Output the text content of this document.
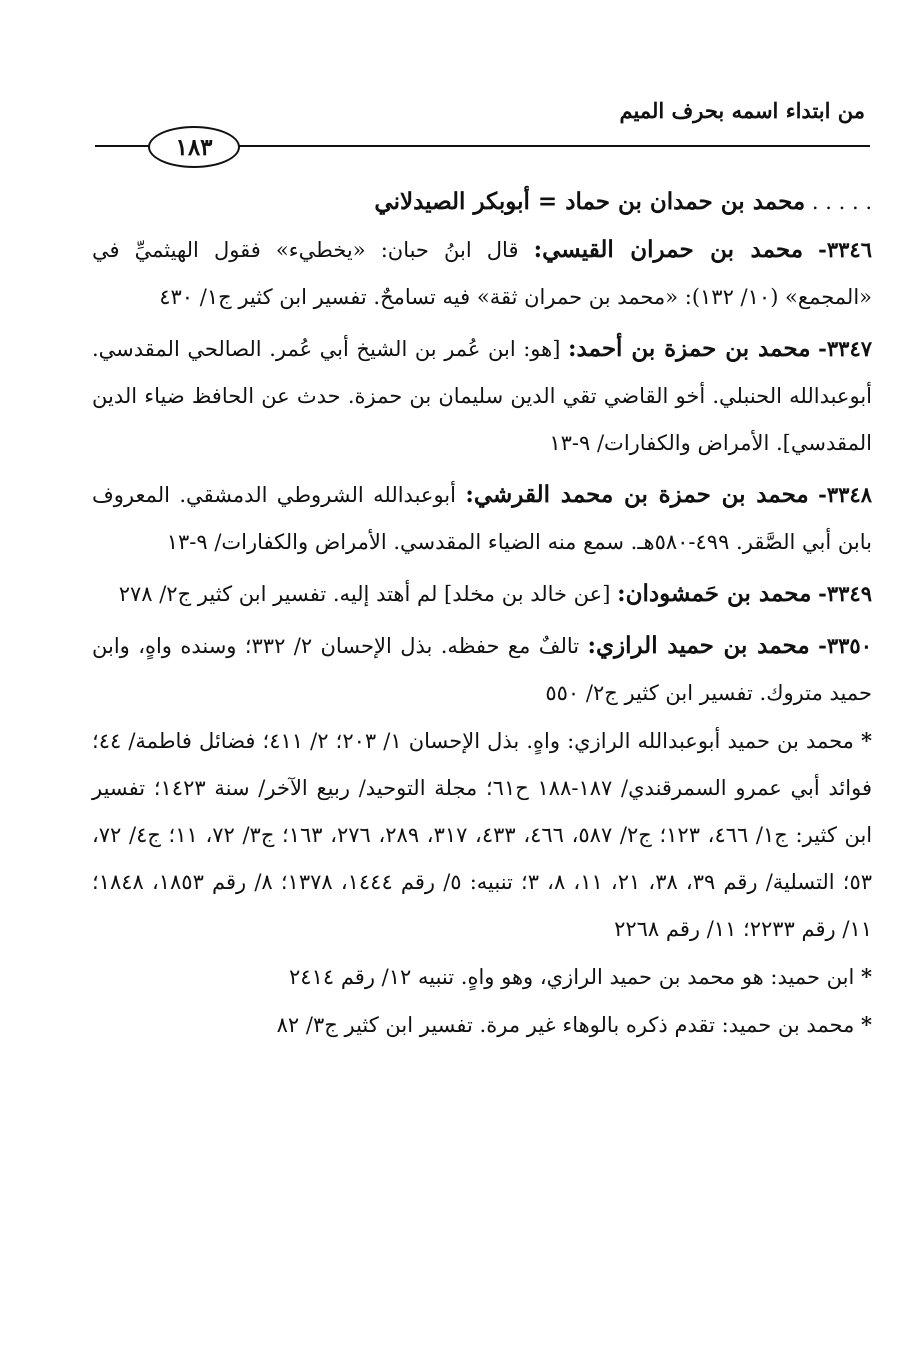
من ابتداء اسمه بحرف الميم
١٨٣

. . . . . محمد بن حمدان بن حماد = أبوبكر الصيدلاني

٣٣٤٦- محمد بن حمران القيسي: قال ابنُ حبان: «يخطيء» فقول الهيثميِّ في «المجمع» (١٠/ ١٣٢): «محمد بن حمران ثقة» فيه تسامحٌ. تفسير ابن كثير ج١/ ٤٣٠

٣٣٤٧- محمد بن حمزة بن أحمد: [هو: ابن عُمر بن الشيخ أبي عُمر. الصالحي المقدسي. أبوعبدالله الحنبلي. أخو القاضي تقي الدين سليمان بن حمزة. حدث عن الحافظ ضياء الدين المقدسي]. الأمراض والكفارات/ ٩-١٣

٣٣٤٨- محمد بن حمزة بن محمد القرشي: أبوعبدالله الشروطي الدمشقي. المعروف بابن أبي الصَّقر. ٤٩٩-٥٨٠هـ. سمع منه الضياء المقدسي. الأمراض والكفارات/ ٩-١٣

٣٣٤٩- محمد بن حَمشودان: [عن خالد بن مخلد] لم أهتد إليه. تفسير ابن كثير ج٢/ ٢٧٨

٣٣٥٠- محمد بن حميد الرازي: تالفٌ مع حفظه. بذل الإحسان ٢/ ٣٣٢؛ وسنده واهٍ، وابن حميد متروك. تفسير ابن كثير ج٢/ ٥٥٠

* محمد بن حميد أبوعبدالله الرازي: واهٍ. بذل الإحسان ١/ ٢٠٣؛ ٢/ ٤١١؛ فضائل فاطمة/ ٤٤؛ فوائد أبي عمرو السمرقندي/ ١٨٧-١٨٨ ح٦١؛ مجلة التوحيد/ ربيع الآخر/ سنة ١٤٢٣؛ تفسير ابن كثير: ج١/ ٤٦٦، ١٢٣؛ ج٢/ ٥٨٧، ٤٦٦، ٤٣٣، ٣١٧، ٢٨٩، ٢٧٦، ١٦٣؛ ج٣/ ٧٢، ١١؛ ج٤/ ٧٢، ٥٣؛ التسلية/ رقم ٣٩، ٣٨، ٢١، ١١، ٨، ٣؛ تنبيه: ٥/ رقم ١٤٤٤، ١٣٧٨؛ ٨/ رقم ١٨٥٣، ١٨٤٨؛ ١١/ رقم ٢٢٣٣؛ ١١/ رقم ٢٢٦٨

* ابن حميد: هو محمد بن حميد الرازي، وهو واهٍ. تنبيه ١٢/ رقم ٢٤١٤

* محمد بن حميد: تقدم ذكره بالوهاء غير مرة. تفسير ابن كثير ج٣/ ٨٢
